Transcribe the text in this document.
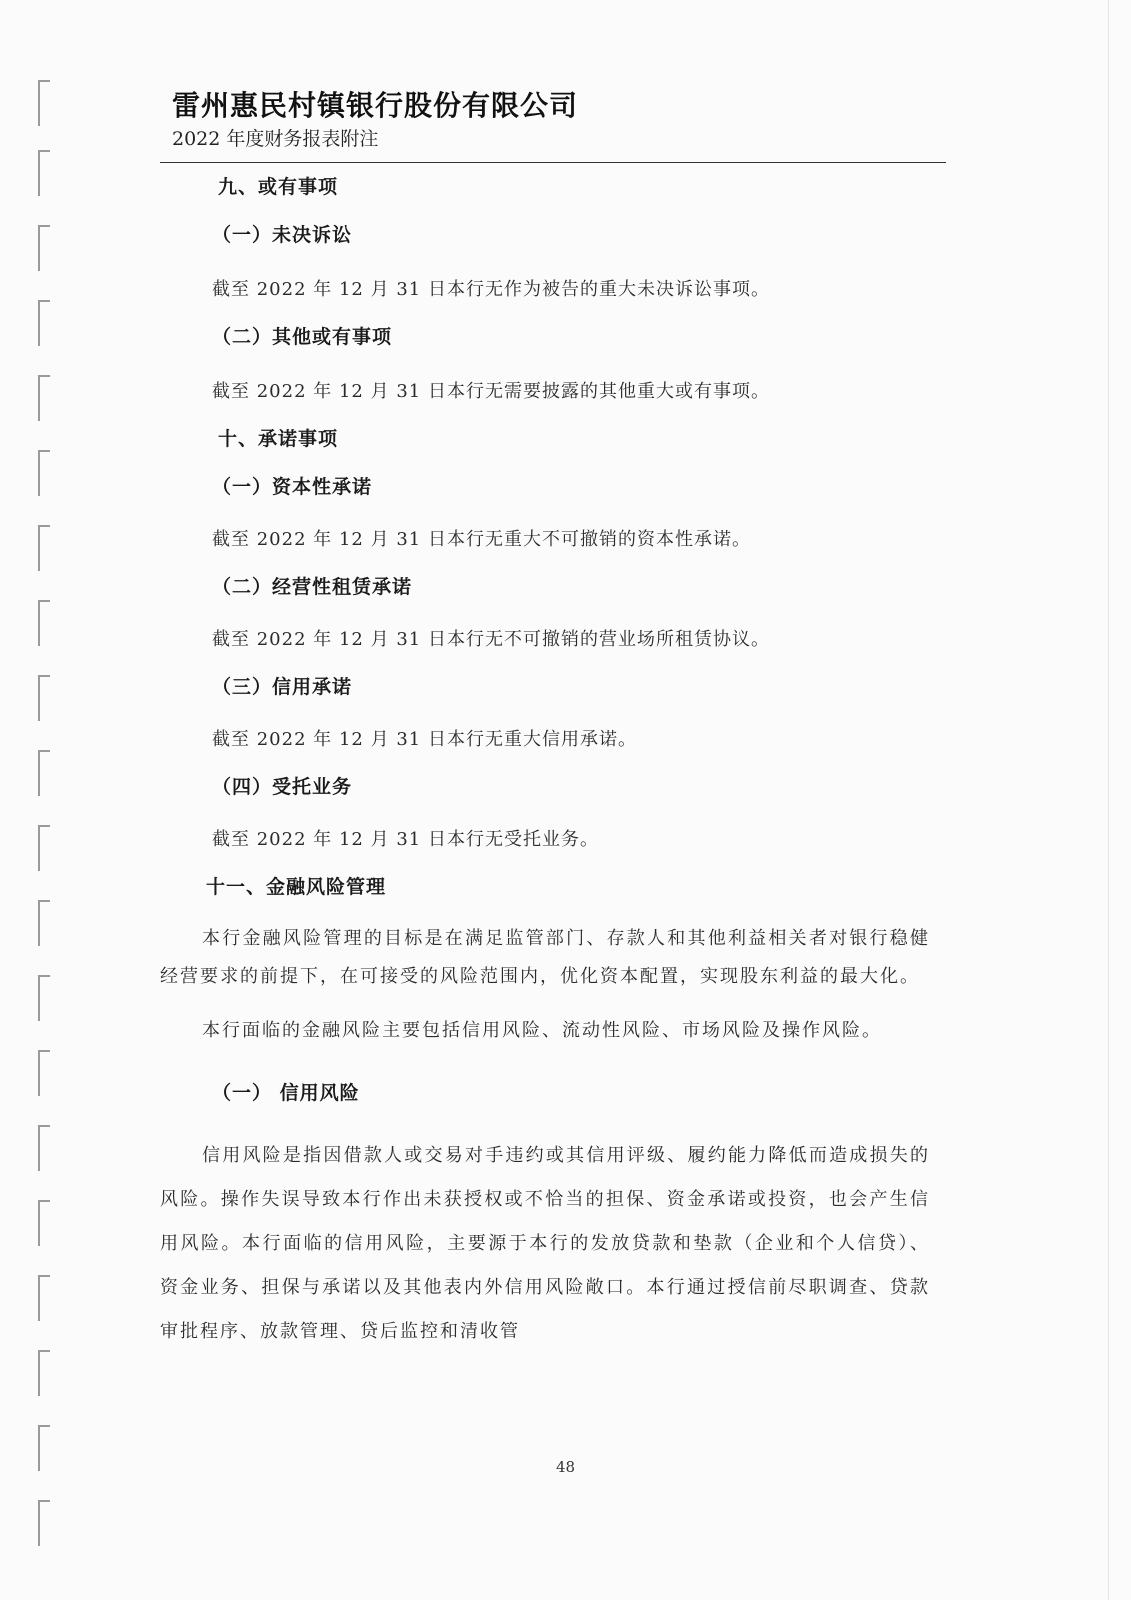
雷州惠民村镇银行股份有限公司
2022 年度财务报表附注
九、或有事项
（一）未决诉讼
截至 2022 年 12 月 31 日本行无作为被告的重大未决诉讼事项。
（二）其他或有事项
截至 2022 年 12 月 31 日本行无需要披露的其他重大或有事项。
十、承诺事项
（一）资本性承诺
截至 2022 年 12 月 31 日本行无重大不可撤销的资本性承诺。
（二）经营性租赁承诺
截至 2022 年 12 月 31 日本行无不可撤销的营业场所租赁协议。
（三）信用承诺
截至 2022 年 12 月 31 日本行无重大信用承诺。
（四）受托业务
截至 2022 年 12 月 31 日本行无受托业务。
十一、金融风险管理
本行金融风险管理的目标是在满足监管部门、存款人和其他利益相关者对银行稳健经营要求的前提下，在可接受的风险范围内，优化资本配置，实现股东利益的最大化。
本行面临的金融风险主要包括信用风险、流动性风险、市场风险及操作风险。
（一） 信用风险
信用风险是指因借款人或交易对手违约或其信用评级、履约能力降低而造成损失的风险。操作失误导致本行作出未获授权或不恰当的担保、资金承诺或投资，也会产生信用风险。本行面临的信用风险，主要源于本行的发放贷款和垫款（企业和个人信贷）、资金业务、担保与承诺以及其他表内外信用风险敞口。本行通过授信前尽职调查、贷款审批程序、放款管理、贷后监控和清收管
48
